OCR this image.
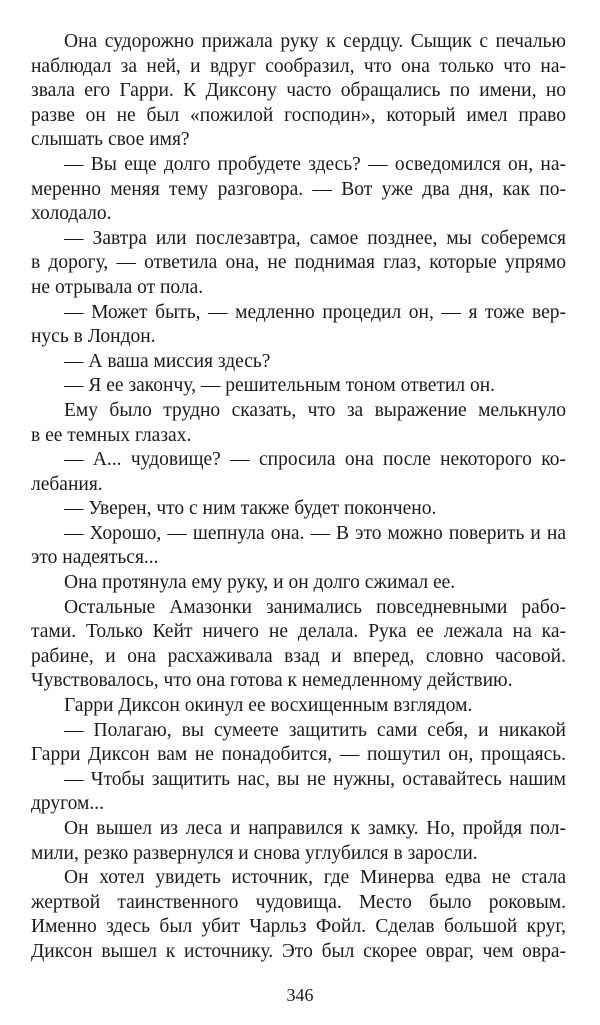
Она судорожно прижала руку к сердцу. Сыщик с печалью
наблюдал за ней, и вдруг сообразил, что она только что на-
звала его Гарри. К Диксону часто обращались по имени, но
разве он не был «пожилой господин», который имел право
слышать свое имя?
— Вы еще долго пробудете здесь? — осведомился он, на-
меренно меняя тему разговора. — Вот уже два дня, как по-
холодало.
— Завтра или послезавтра, самое позднее, мы соберемся
в дорогу, — ответила она, не поднимая глаз, которые упрямо
не отрывала от пола.
— Может быть, — медленно процедил он, — я тоже вер-
нусь в Лондон.
— А ваша миссия здесь?
— Я ее закончу, — решительным тоном ответил он.
Ему было трудно сказать, что за выражение мелькнуло
в ее темных глазах.
— А... чудовище? — спросила она после некоторого ко-
лебания.
— Уверен, что с ним также будет покончено.
— Хорошо, — шепнула она. — В это можно поверить и на
это надеяться...
Она протянула ему руку, и он долго сжимал ее.
Остальные Амазонки занимались повседневными рабо-
тами. Только Кейт ничего не делала. Рука ее лежала на ка-
рабине, и она расхаживала взад и вперед, словно часовой.
Чувствовалось, что она готова к немедленному действию.
Гарри Диксон окинул ее восхищенным взглядом.
— Полагаю, вы сумеете защитить сами себя, и никакой
Гарри Диксон вам не понадобится, — пошутил он, прощаясь.
— Чтобы защитить нас, вы не нужны, оставайтесь нашим
другом...
Он вышел из леса и направился к замку. Но, пройдя пол-
мили, резко развернулся и снова углубился в заросли.
Он хотел увидеть источник, где Минерва едва не стала
жертвой таинственного чудовища. Место было роковым.
Именно здесь был убит Чарльз Фойл. Сделав большой круг,
Диксон вышел к источнику. Это был скорее овраг, чем овра-
346
